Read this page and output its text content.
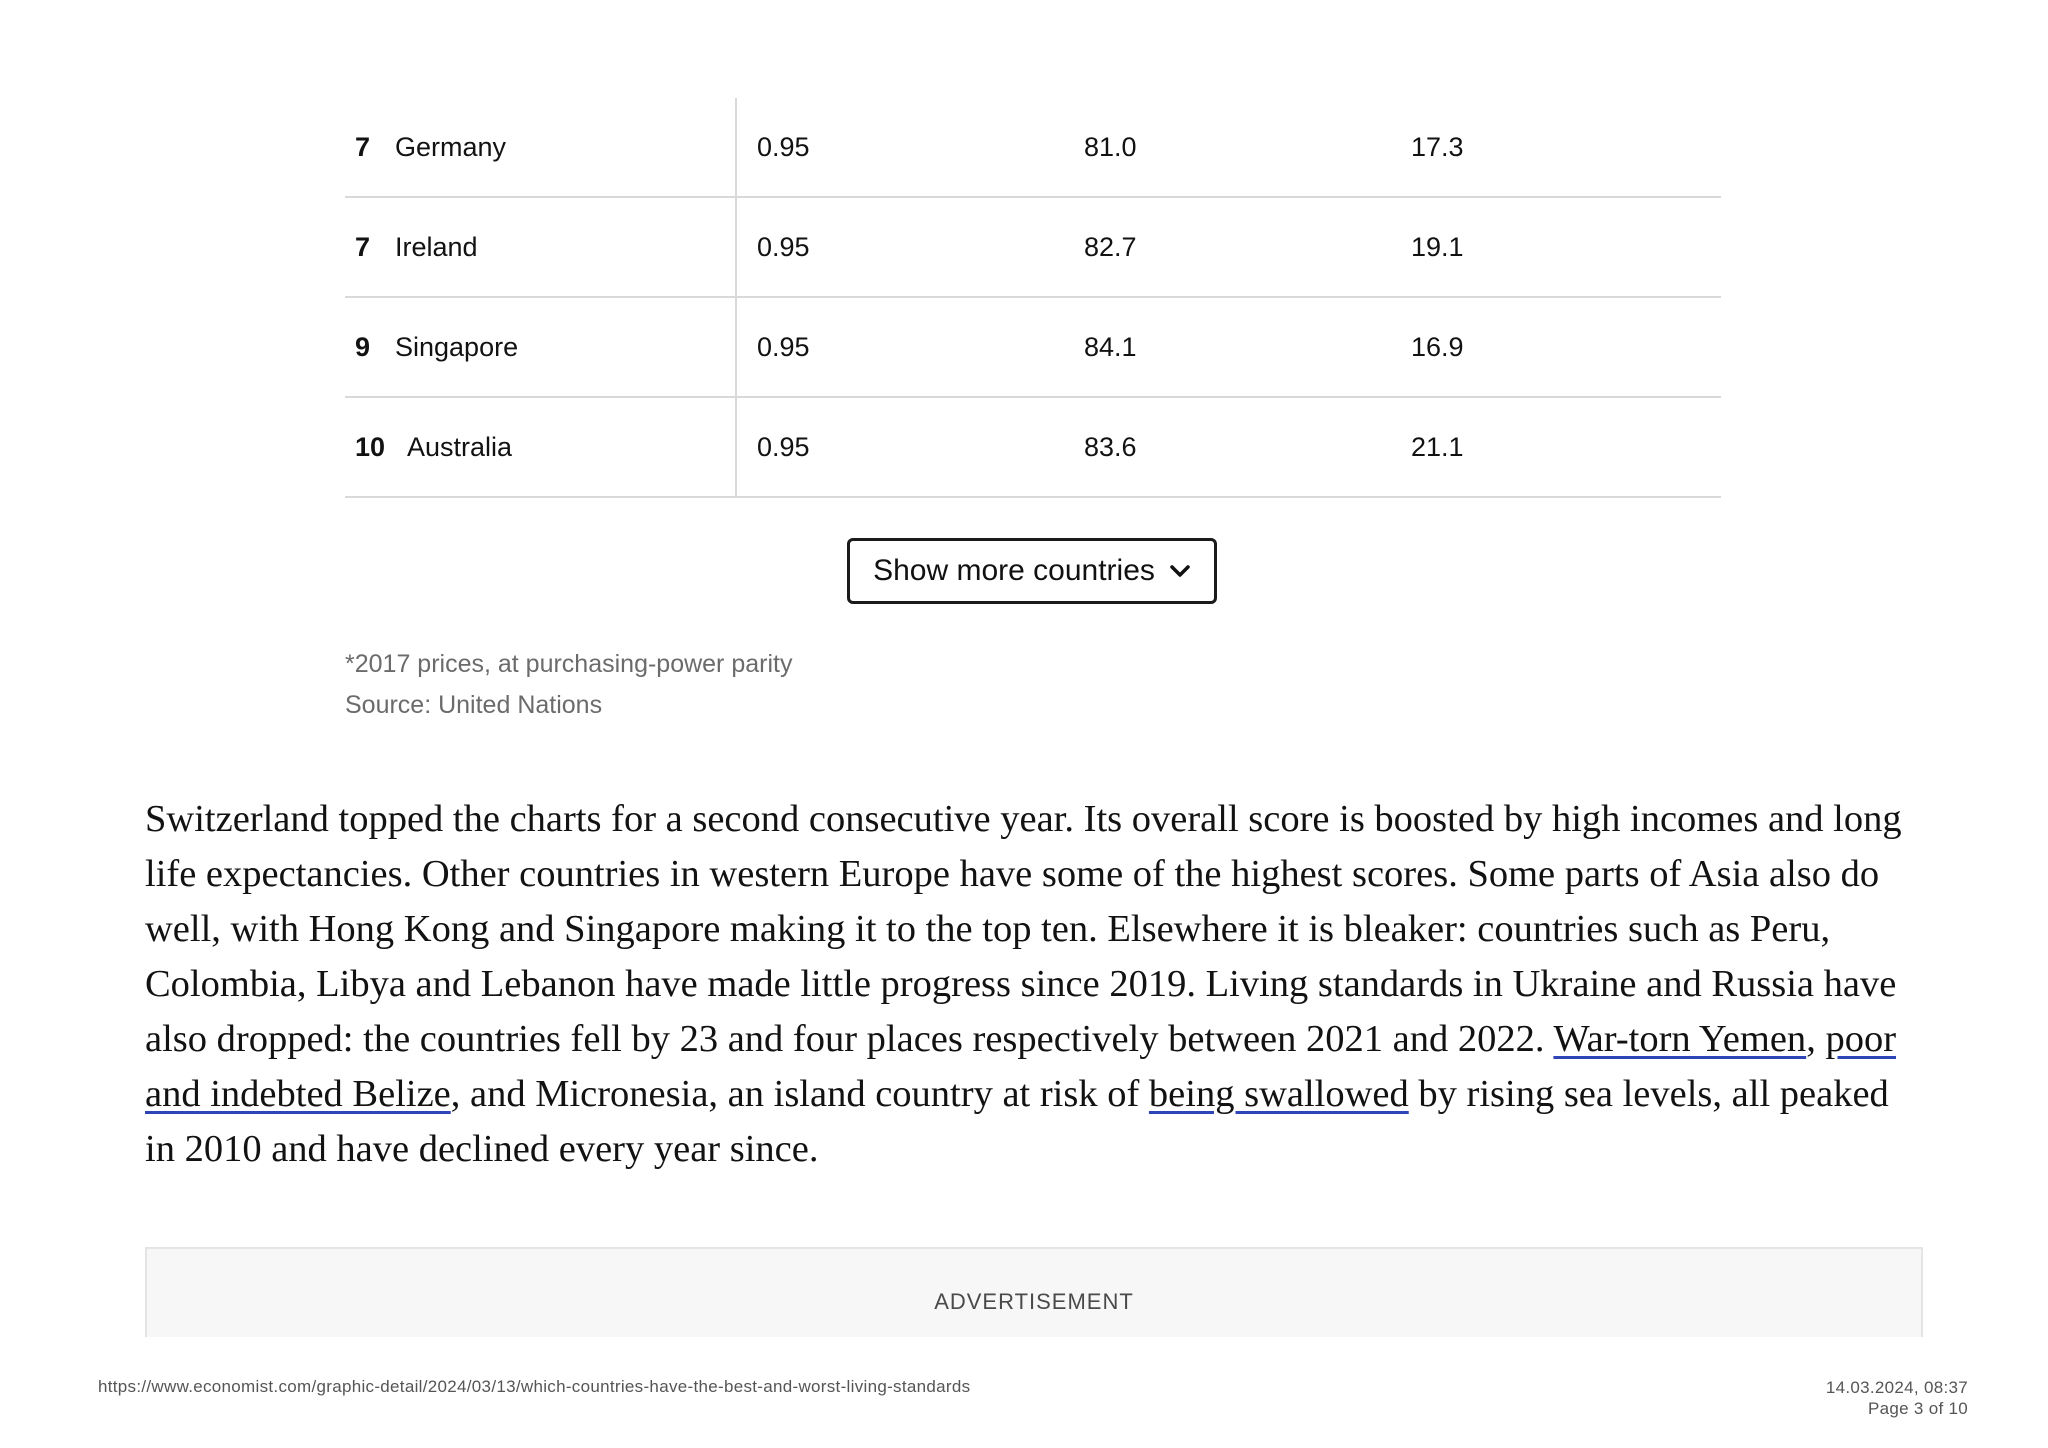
7 Germany	0.95	81.0	17.3
7 Ireland	0.95	82.7	19.1
9 Singapore	0.95	84.1	16.9
10 Australia	0.95	83.6	21.1
Show more countries
*2017 prices, at purchasing-power parity
Source: United Nations

Switzerland topped the charts for a second consecutive year. Its overall score is boosted by high incomes and long life expectancies. Other countries in western Europe have some of the highest scores. Some parts of Asia also do well, with Hong Kong and Singapore making it to the top ten. Elsewhere it is bleaker: countries such as Peru, Colombia, Libya and Lebanon have made little progress since 2019. Living standards in Ukraine and Russia have also dropped: the countries fell by 23 and four places respectively between 2021 and 2022. War-torn Yemen, poor and indebted Belize, and Micronesia, an island country at risk of being swallowed by rising sea levels, all peaked in 2010 and have declined every year since.

ADVERTISEMENT
https://www.economist.com/graphic-detail/2024/03/13/which-countries-have-the-best-and-worst-living-standards	14.03.2024, 08:37
Page 3 of 10
